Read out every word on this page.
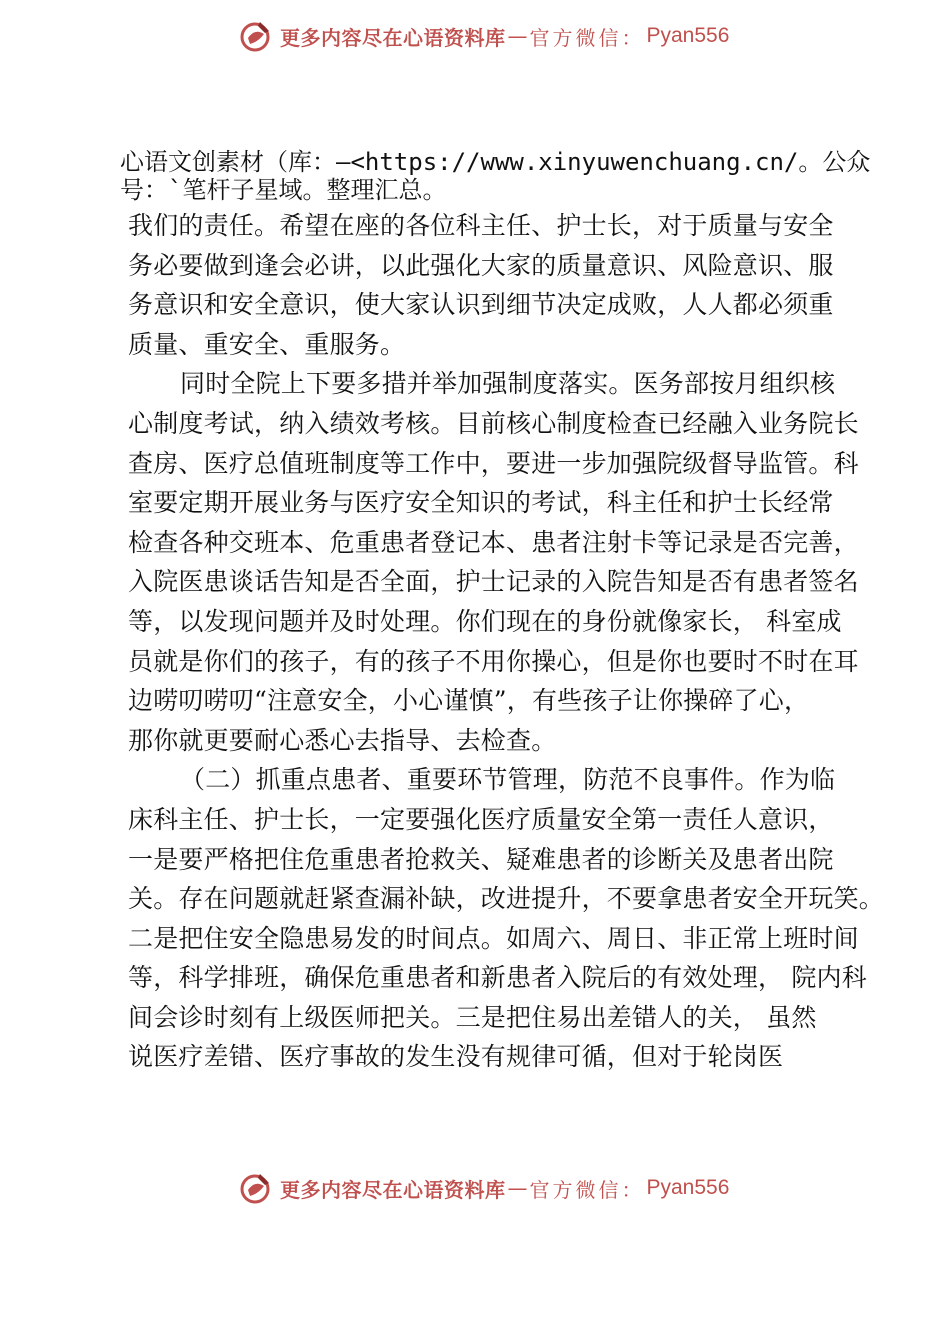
更多内容尽在心语资料库 — 官方微信： Pyan556
心语文创素材（库：—<https://www.xinyuwenchuang.cn/。公众
号：`笔杆子星域。整理汇总。
我们的责任。希望在座的各位科主任、护士长，对于质量与安全
务必要做到逢会必讲，以此强化大家的质量意识、风险意识、服
务意识和安全意识，使大家认识到细节决定成败，人人都必须重
质量、重安全、重服务。
同时全院上下要多措并举加强制度落实。医务部按月组织核
心制度考试，纳入绩效考核。目前核心制度检查已经融入业务院长
查房、医疗总值班制度等工作中，要进一步加强院级督导监管。科
室要定期开展业务与医疗安全知识的考试，科主任和护士长经常
检查各种交班本、危重患者登记本、患者注射卡等记录是否完善，
入院医患谈话告知是否全面，护士记录的入院告知是否有患者签名
等，以发现问题并及时处理。你们现在的身份就像家长， 科室成
员就是你们的孩子，有的孩子不用你操心，但是你也要时不时在耳
边唠叨唠叨“注意安全，小心谨慎”，有些孩子让你操碎了心，
那你就更要耐心悉心去指导、去检查。
（二）抓重点患者、重要环节管理，防范不良事件。作为临
床科主任、护士长，一定要强化医疗质量安全第一责任人意识，
一是要严格把住危重患者抢救关、疑难患者的诊断关及患者出院
关。存在问题就赶紧查漏补缺，改进提升，不要拿患者安全开玩笑。
二是把住安全隐患易发的时间点。如周六、周日、非正常上班时间
等，科学排班，确保危重患者和新患者入院后的有效处理， 院内科
间会诊时刻有上级医师把关。三是把住易出差错人的关， 虽然
说医疗差错、医疗事故的发生没有规律可循，但对于轮岗医
更多内容尽在心语资料库 — 官方微信： Pyan556
